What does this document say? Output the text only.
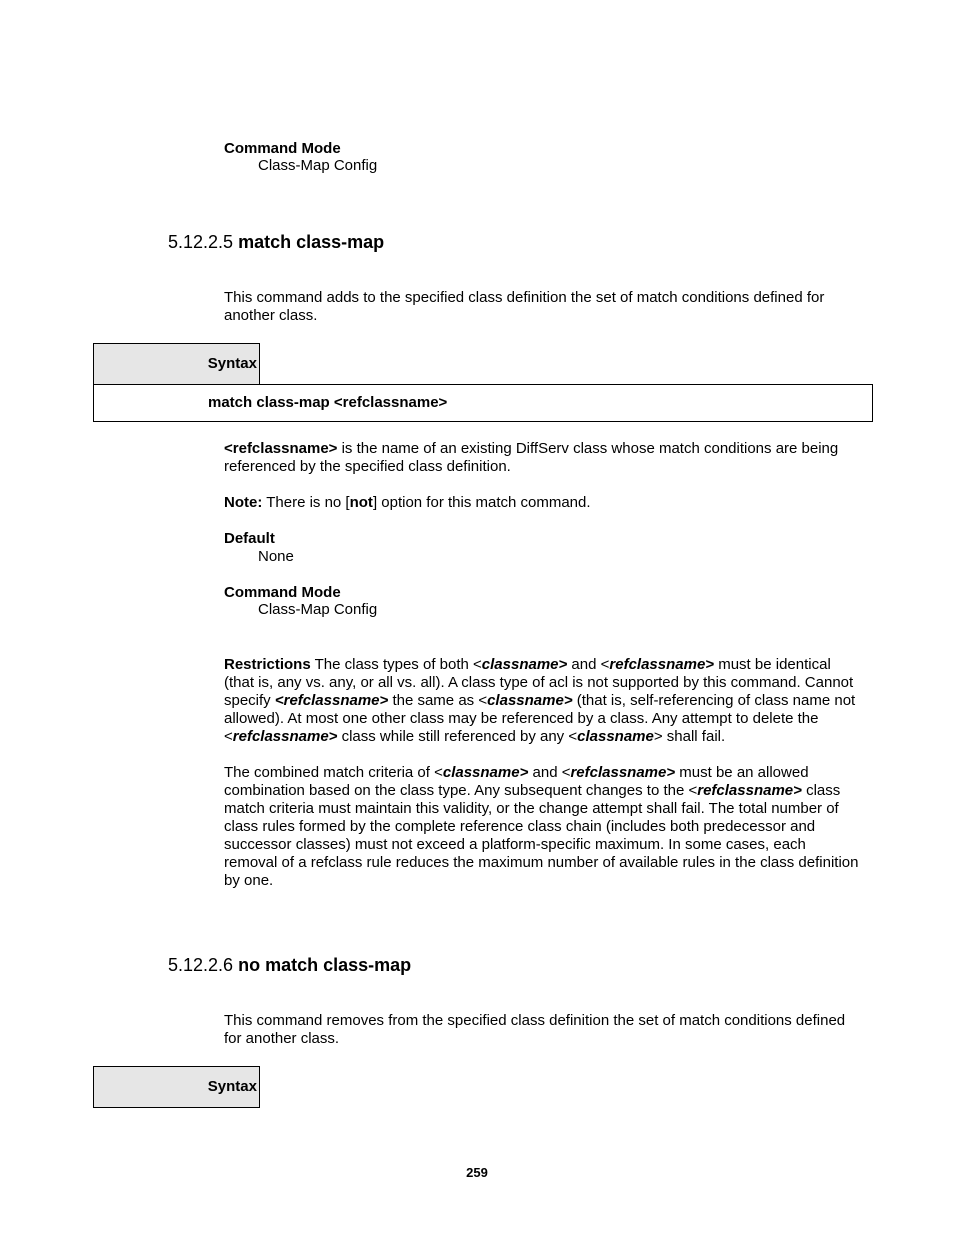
Command Mode
Class-Map Config
5.12.2.5 match class-map

This command adds to the specified class definition the set of match conditions defined for another class.

Syntax
match class-map <refclassname>

<refclassname> is the name of an existing DiffServ class whose match conditions are being referenced by the specified class definition.

Note: There is no [not] option for this match command.

Default
None
Command Mode
Class-Map Config

Restrictions The class types of both <classname> and <refclassname> must be identical (that is, any vs. any, or all vs. all). A class type of acl is not supported by this command. Cannot specify <refclassname> the same as <classname> (that is, self-referencing of class name not allowed). At most one other class may be referenced by a class. Any attempt to delete the <refclassname> class while still referenced by any <classname> shall fail.

The combined match criteria of <classname> and <refclassname> must be an allowed combination based on the class type. Any subsequent changes to the <refclassname> class match criteria must maintain this validity, or the change attempt shall fail. The total number of class rules formed by the complete reference class chain (includes both predecessor and successor classes) must not exceed a platform-specific maximum. In some cases, each removal of a refclass rule reduces the maximum number of available rules in the class definition by one.

5.12.2.6 no match class-map

This command removes from the specified class definition the set of match conditions defined for another class.

Syntax
259
